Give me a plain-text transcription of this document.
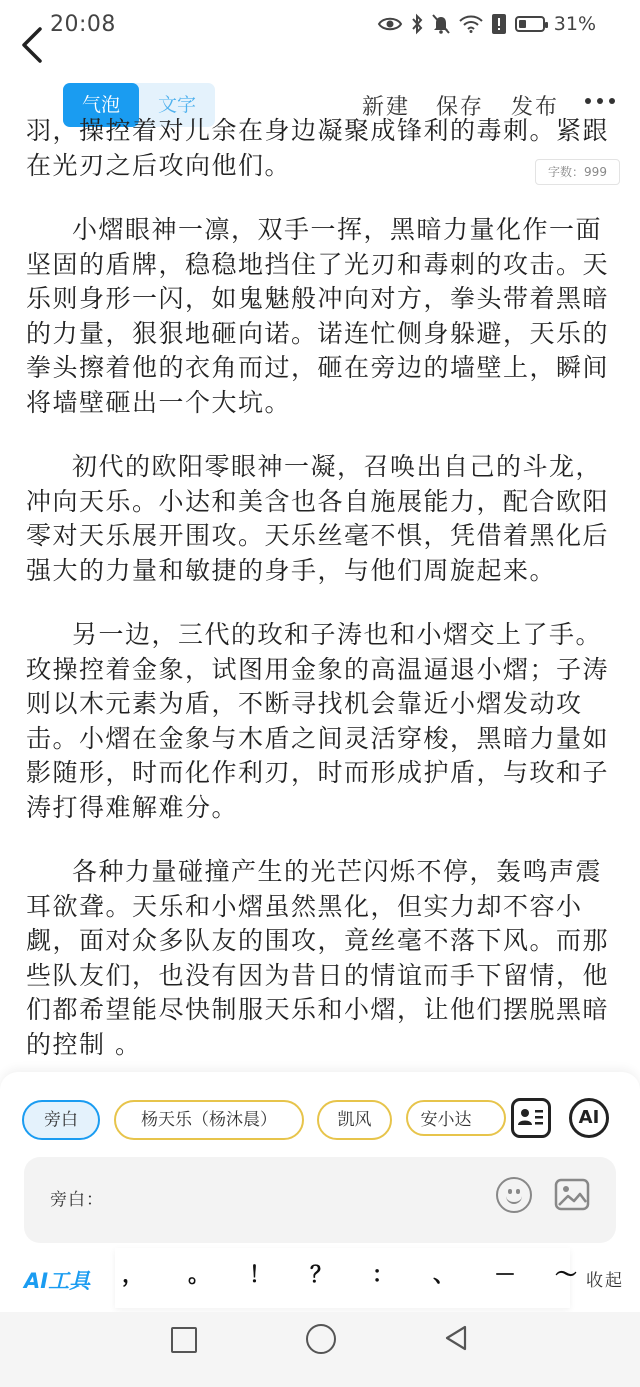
20:08	31%
气泡	文字	新建 保存 发布
字数：999

羽，操控着对儿余在身边凝聚成锋利的毒刺。紧跟在光刃之后攻向他们。

小熠眼神一凛，双手一挥，黑暗力量化作一面坚固的盾牌，稳稳地挡住了光刃和毒刺的攻击。天乐则身形一闪，如鬼魅般冲向对方，拳头带着黑暗的力量，狠狠地砸向诺。诺连忙侧身躲避，天乐的拳头擦着他的衣角而过，砸在旁边的墙壁上，瞬间将墙壁砸出一个大坑。

初代的欧阳零眼神一凝，召唤出自己的斗龙，冲向天乐。小达和美含也各自施展能力，配合欧阳零对天乐展开围攻。天乐丝毫不惧，凭借着黑化后强大的力量和敏捷的身手，与他们周旋起来。

另一边，三代的玫和子涛也和小熠交上了手。玫操控着金象，试图用金象的高温逼退小熠；子涛则以木元素为盾，不断寻找机会靠近小熠发动攻击。小熠在金象与木盾之间灵活穿梭，黑暗力量如影随形，时而化作利刃，时而形成护盾，与玫和子涛打得难解难分。

各种力量碰撞产生的光芒闪烁不停，轰鸣声震耳欲聋。天乐和小熠虽然黑化，但实力却不容小觑，面对众多队友的围攻，竟丝毫不落下风。而那些队友们，也没有因为昔日的情谊而手下留情，他们都希望能尽快制服天乐和小熠，让他们摆脱黑暗的控制 。

旁白	杨天乐（杨沐晨）	凯风	安小达	AI
旁白：
AI工具	，	。	！	？	：	、	－	～ 收起
